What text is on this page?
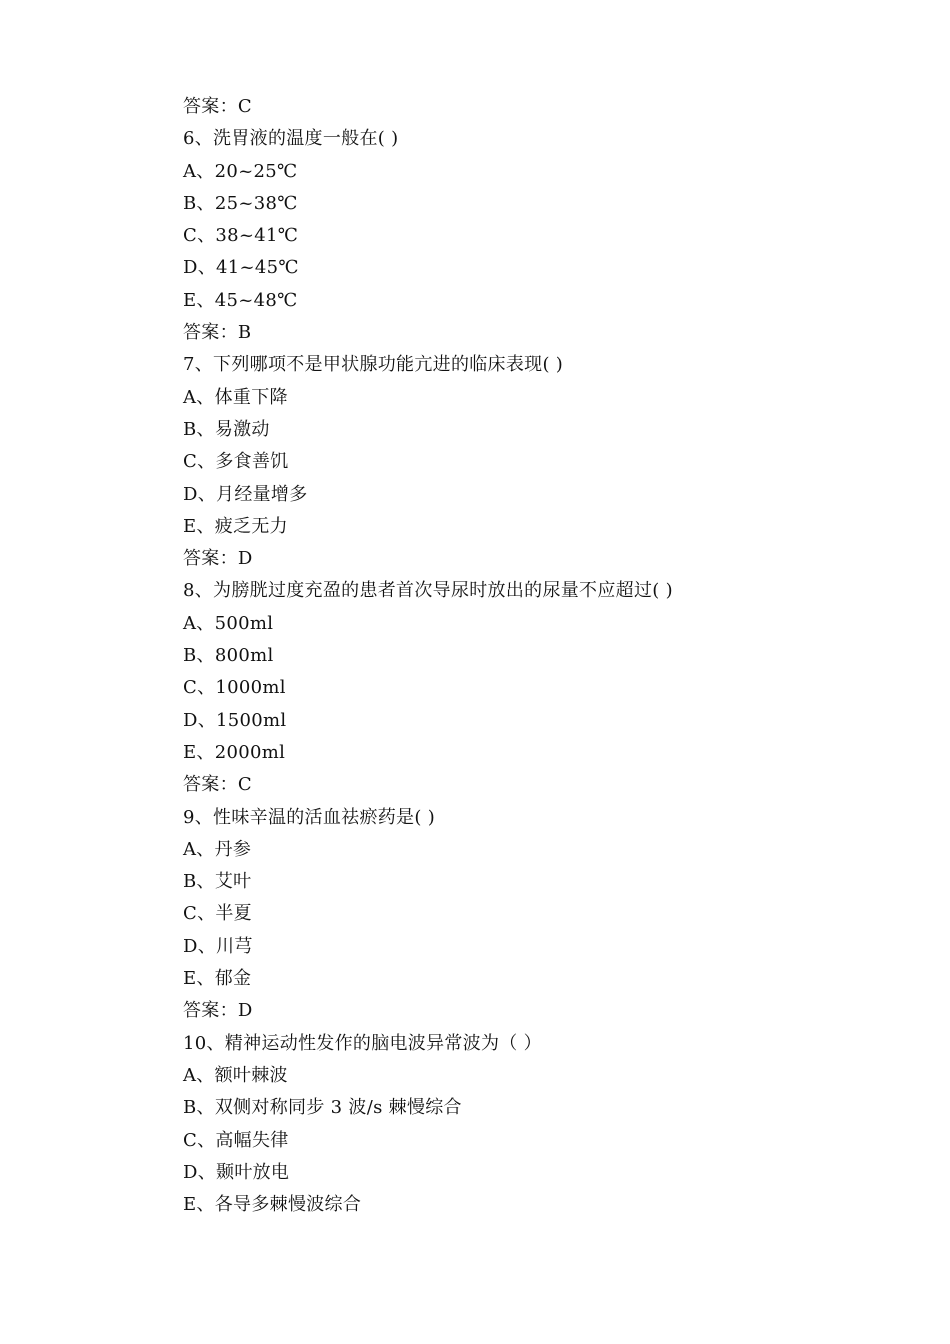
答案：C
6、洗胃液的温度一般在( )
A、20~25℃
B、25~38℃
C、38~41℃
D、41~45℃
E、45~48℃
答案：B
7、下列哪项不是甲状腺功能亢进的临床表现( )
A、体重下降
B、易激动
C、多食善饥
D、月经量增多
E、疲乏无力
答案：D
8、为膀胱过度充盈的患者首次导尿时放出的尿量不应超过( )
A、500ml
B、800ml
C、1000ml
D、1500ml
E、2000ml
答案：C
9、性味辛温的活血祛瘀药是( )
A、丹参
B、艾叶
C、半夏
D、川芎
E、郁金
答案：D
10、精神运动性发作的脑电波异常波为（ ）
A、额叶棘波
B、双侧对称同步 3 波/s 棘慢综合
C、高幅失律
D、颞叶放电
E、各导多棘慢波综合
